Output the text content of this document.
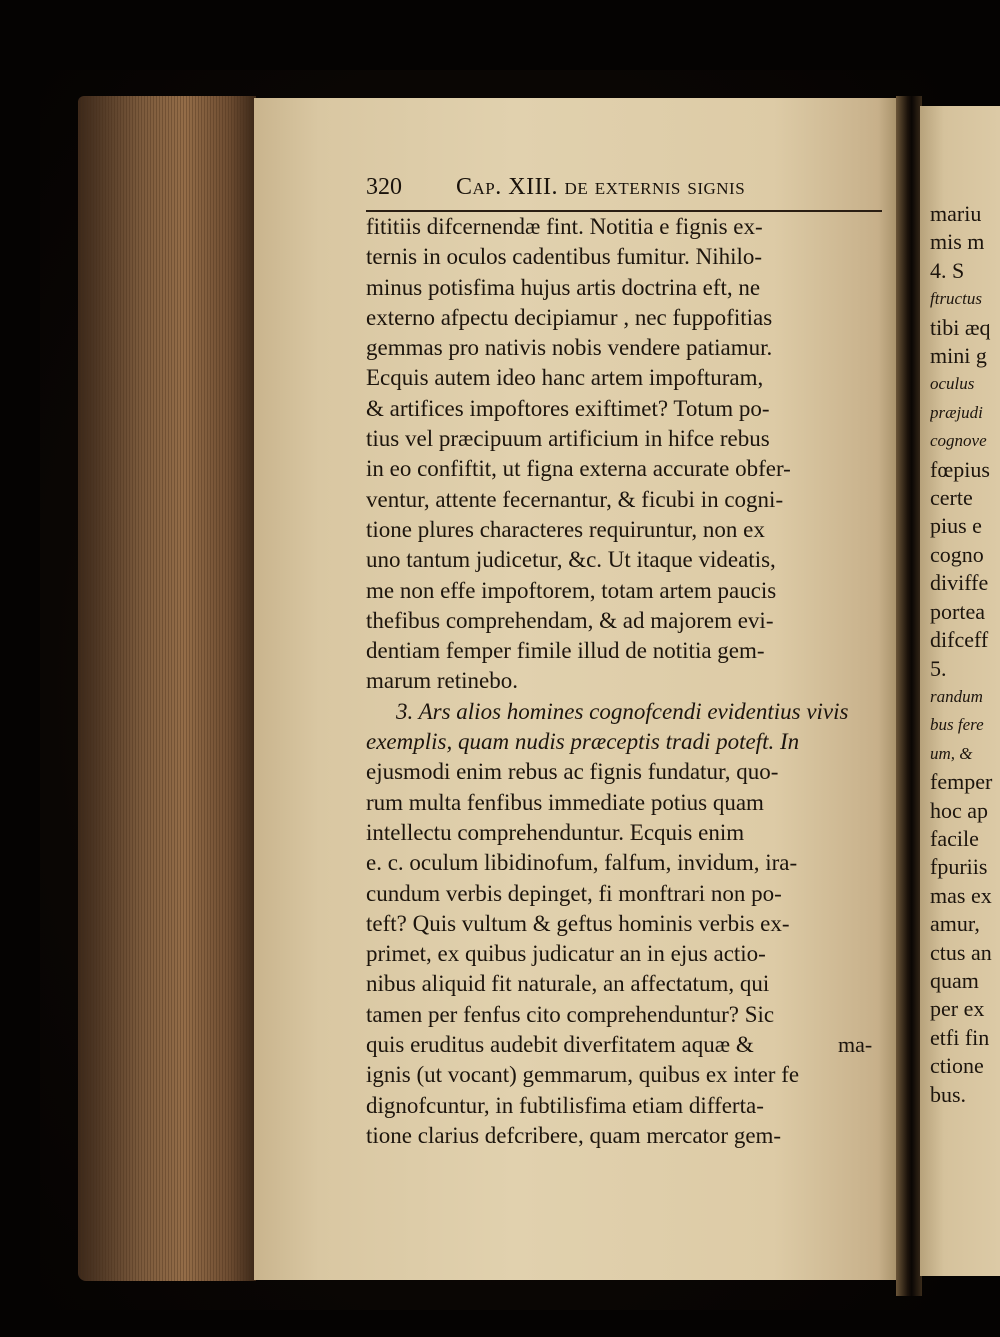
320 Cap. XIII. de externis signis
fititiis difcernendæ fint. Notitia e fignis ex-
ternis in oculos cadentibus fumitur. Nihilo-
minus potisfima hujus artis doctrina eft, ne
externo afpectu decipiamur , nec fuppofitias
gemmas pro nativis nobis vendere patiamur.
Ecquis autem ideo hanc artem impofturam,
& artifices impoftores exiftimet? Totum po-
tius vel præcipuum artificium in hifce rebus
in eo confiftit, ut figna externa accurate obfer-
ventur, attente fecernantur, & ficubi in cogni-
tione plures characteres requiruntur, non ex
uno tantum judicetur, &c. Ut itaque videatis,
me non effe impoftorem, totam artem paucis
thefibus comprehendam, & ad majorem evi-
dentiam femper fimile illud de notitia gem-
marum retinebo.
3. Ars alios homines cognofcendi evidentius vivis
exemplis, quam nudis præceptis tradi poteft. In
ejusmodi enim rebus ac fignis fundatur, quo-
rum multa fenfibus immediate potius quam
intellectu comprehenduntur. Ecquis enim
e. c. oculum libidinofum, falfum, invidum, ira-
cundum verbis depinget, fi monftrari non po-
teft? Quis vultum & geftus hominis verbis ex-
primet, ex quibus judicatur an in ejus actio-
nibus aliquid fit naturale, an affectatum, qui
tamen per fenfus cito comprehenduntur? Sic
quis eruditus audebit diverfitatem aquæ &
ignis (ut vocant) gemmarum, quibus ex inter fe
dignofcuntur, in fubtilisfima etiam differta-
tione clarius defcribere, quam mercator gem-
ma-
mariu
mis m
4. S
ftructus
tibi æq
mini g
oculus
præjudi
cognove
fœpius
certe
pius e
cogno
diviffe
portea
difceff
5.
randum
bus fere
um, &
femper
hoc ap
facile
fpuriis
mas ex
amur,
ctus an
quam
per ex
etfi fin
ctione
bus.
